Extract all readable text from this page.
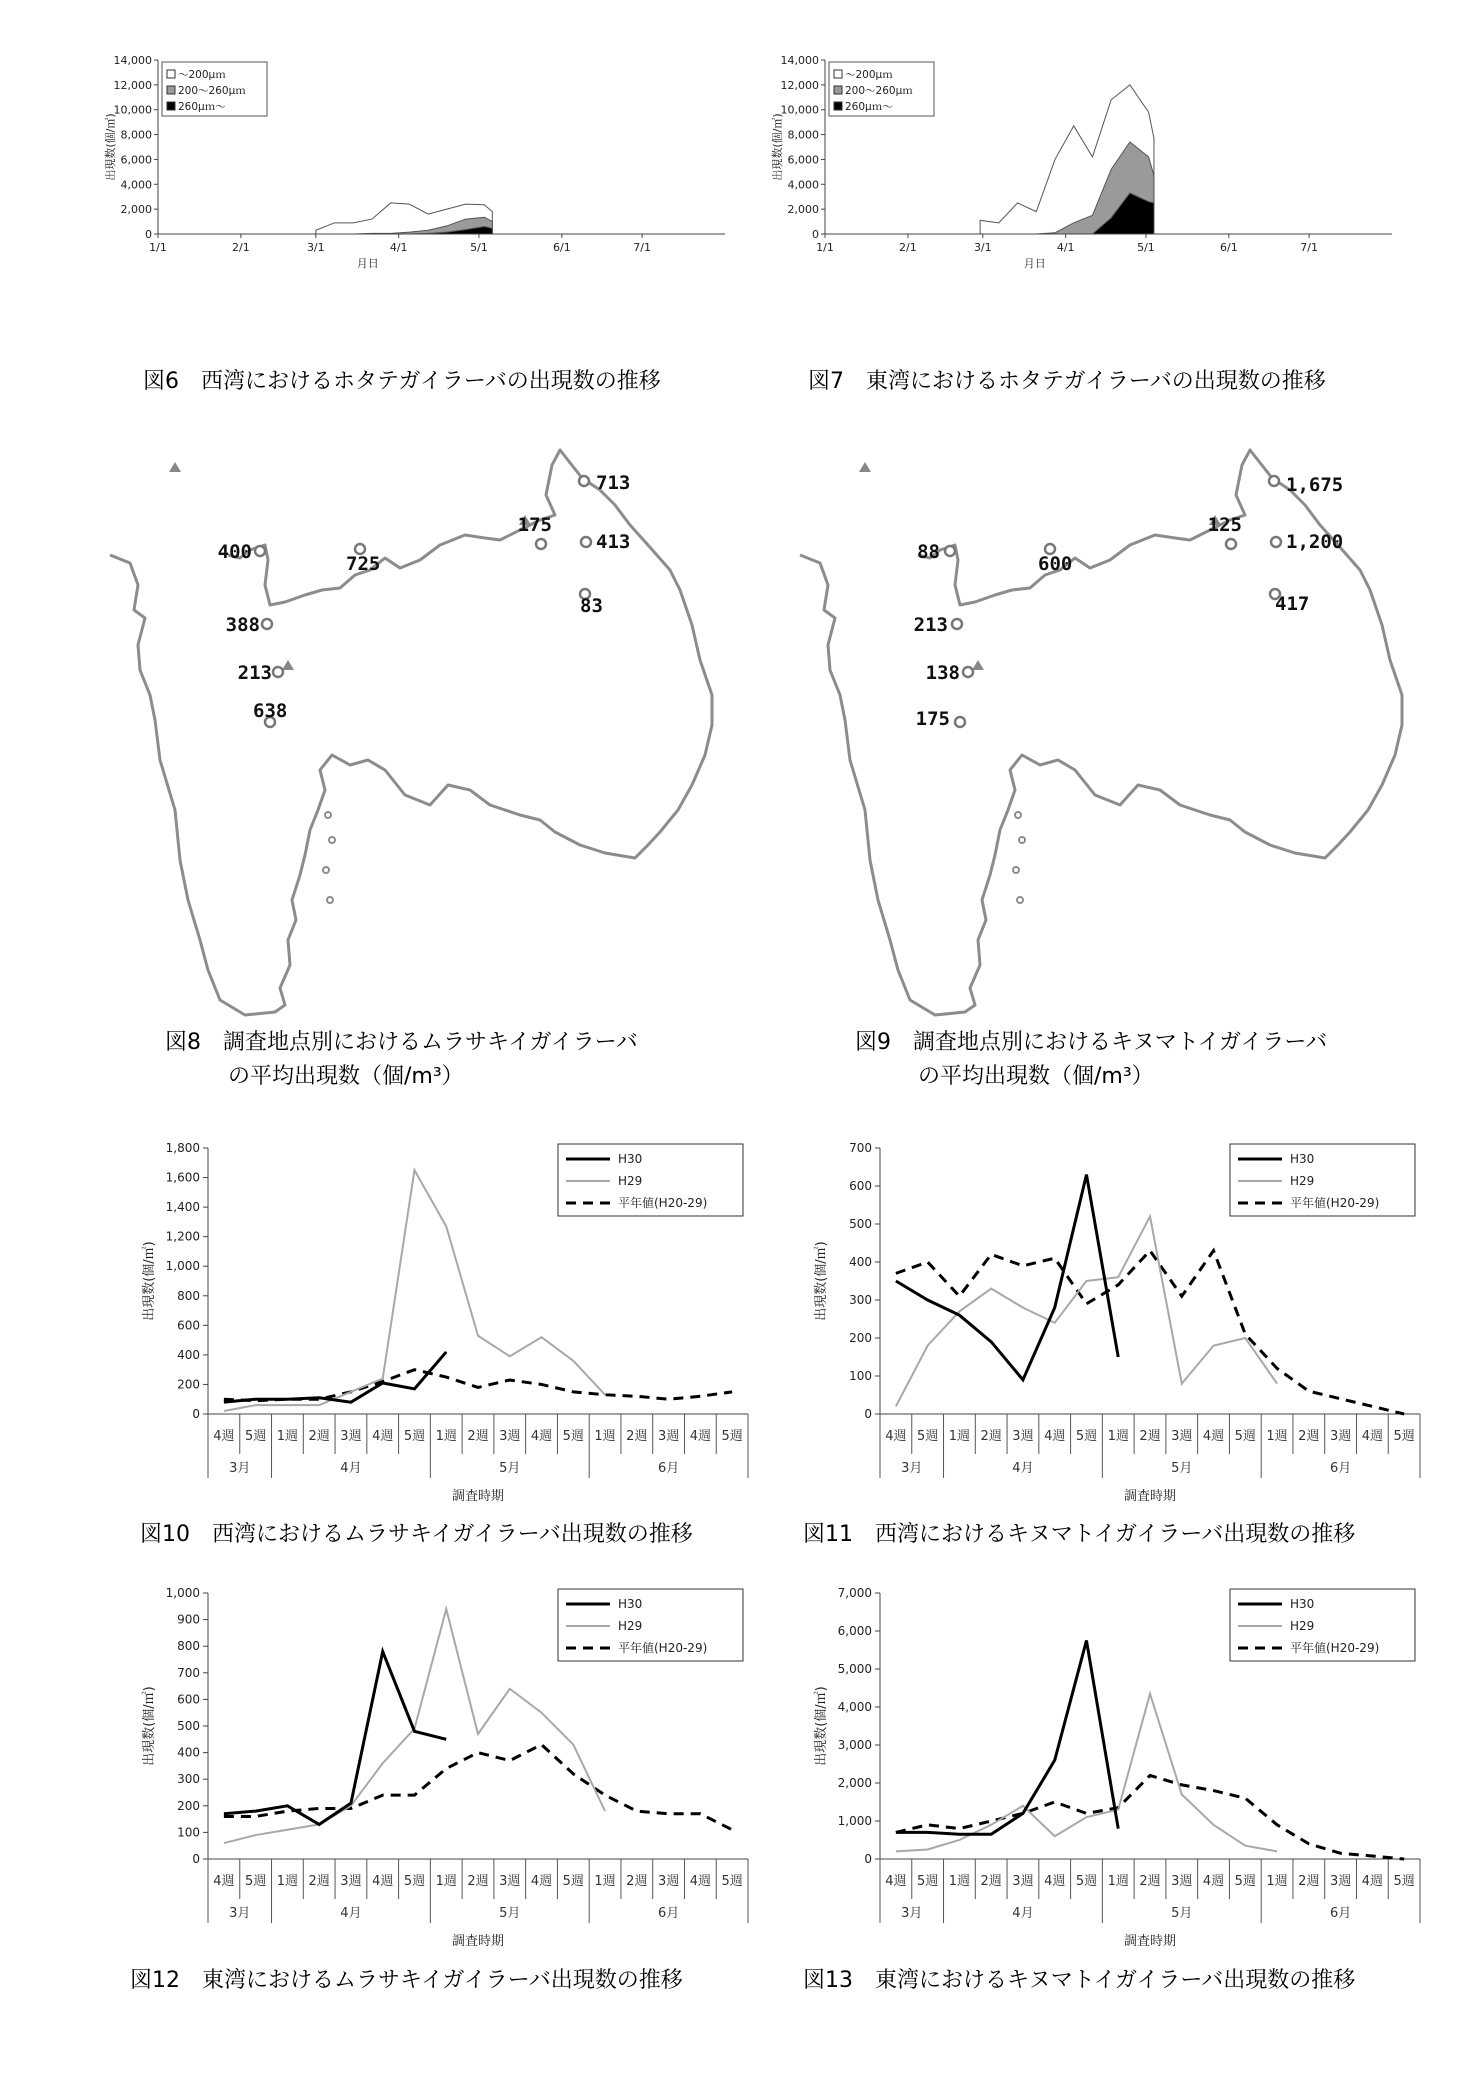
0
2,000
4,000
6,000
8,000
10,000
12,000
14,000
1/1	2/1	3/1	4/1	5/1	6/1	7/1
月日
出現数(個/㎡)
～200μｍ
200～260μｍ
260μｍ～
0
2,000
4,000
6,000
8,000
10,000
12,000
14,000
1/1	2/1	3/1	4/1	5/1	6/1	7/1
月日
出現数(個/㎡)
～200μｍ
200～260μｍ
260μｍ～
図6　西湾におけるホタテガイラーバの出現数の推移	図7　東湾におけるホタテガイラーバの出現数の推移
713
175
413
83
400
725
388
213
638
1,675
125
1,200
417
88
600
213
138
175
図8　調査地点別におけるムラサキイガイラーバ
の平均出現数（個/m³）
図9　調査地点別におけるキヌマトイガイラーバ
の平均出現数（個/m³）
0
200
400
600
800
1,000
1,200
1,400
1,600
1,800
4週 5週 1週 2週 3週 4週 5週 1週 2週 3週 4週 5週 1週 2週 3週 4週 5週
3月	4月	5月	6月
調査時期
出現数(個/㎡)
H30
H29
平年値(H20-29)
0
100
200
300
400
500
600
700
4週 5週 1週 2週 3週 4週 5週 1週 2週 3週 4週 5週 1週 2週 3週 4週 5週
3月	4月	5月	6月
調査時期
出現数(個/㎡)
H30
H29
平年値(H20-29)
図10　西湾におけるムラサキイガイラーバ出現数の推移	図11　西湾におけるキヌマトイガイラーバ出現数の推移
0
100
200
300
400
500
600
700
800
900
1,000
4週 5週 1週 2週 3週 4週 5週 1週 2週 3週 4週 5週 1週 2週 3週 4週 5週
3月	4月	5月	6月
調査時期
出現数(個/㎡)
H30
H29
平年値(H20-29)
0
1,000
2,000
3,000
4,000
5,000
6,000
7,000
4週 5週 1週 2週 3週 4週 5週 1週 2週 3週 4週 5週 1週 2週 3週 4週 5週
3月	4月	5月	6月
調査時期
出現数(個/㎡)
H30
H29
平年値(H20-29)
図12　東湾におけるムラサキイガイラーバ出現数の推移	図13　東湾におけるキヌマトイガイラーバ出現数の推移
